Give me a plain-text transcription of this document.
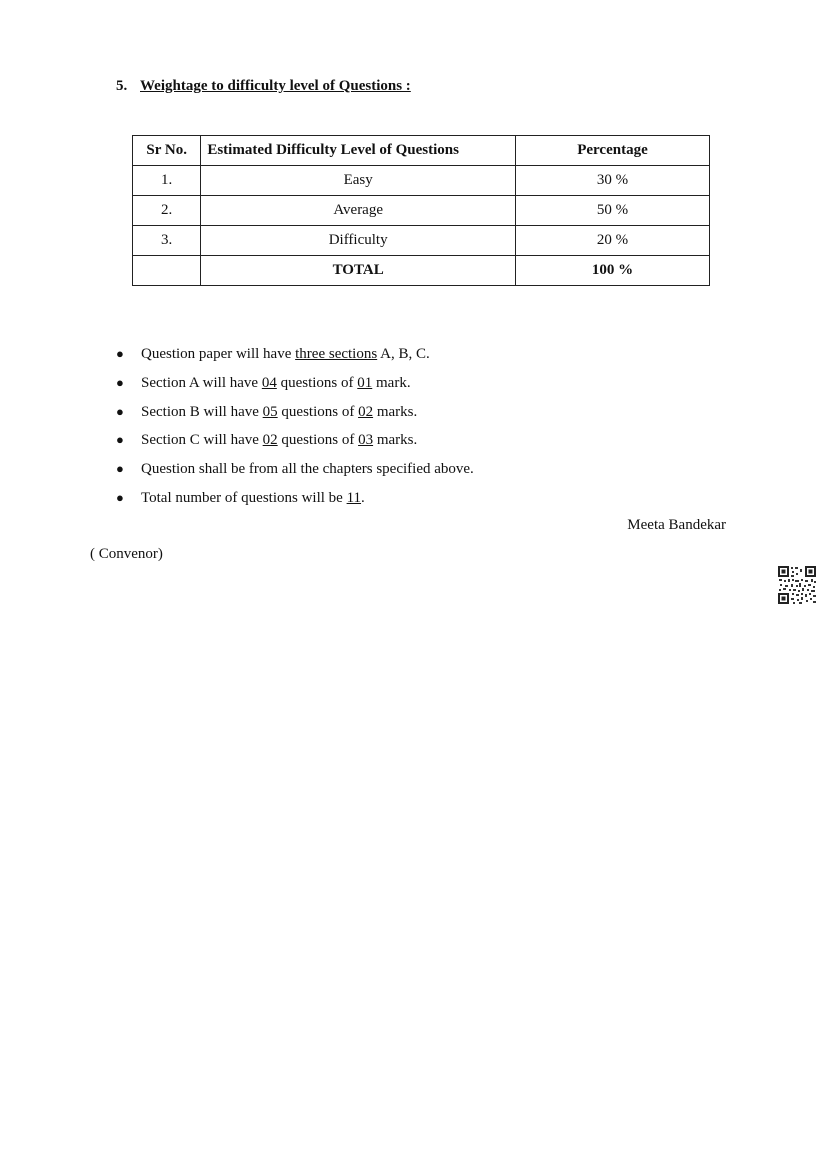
5. Weightage to difficulty level of Questions :
Sr No.	Estimated Difficulty Level of Questions	Percentage
1.	Easy	30 %
2.	Average	50 %
3.	Difficulty	20 %
	TOTAL	100 %
●	Question paper will have three sections A, B, C.
●	Section A will have 04 questions of 01 mark.
●	Section B will have 05 questions of 02 marks.
●	Section C will have 02 questions of 03 marks.
●	Question shall be from all the chapters specified above.
●	Total number of questions will be 11.
Meeta Bandekar
( Convenor)
